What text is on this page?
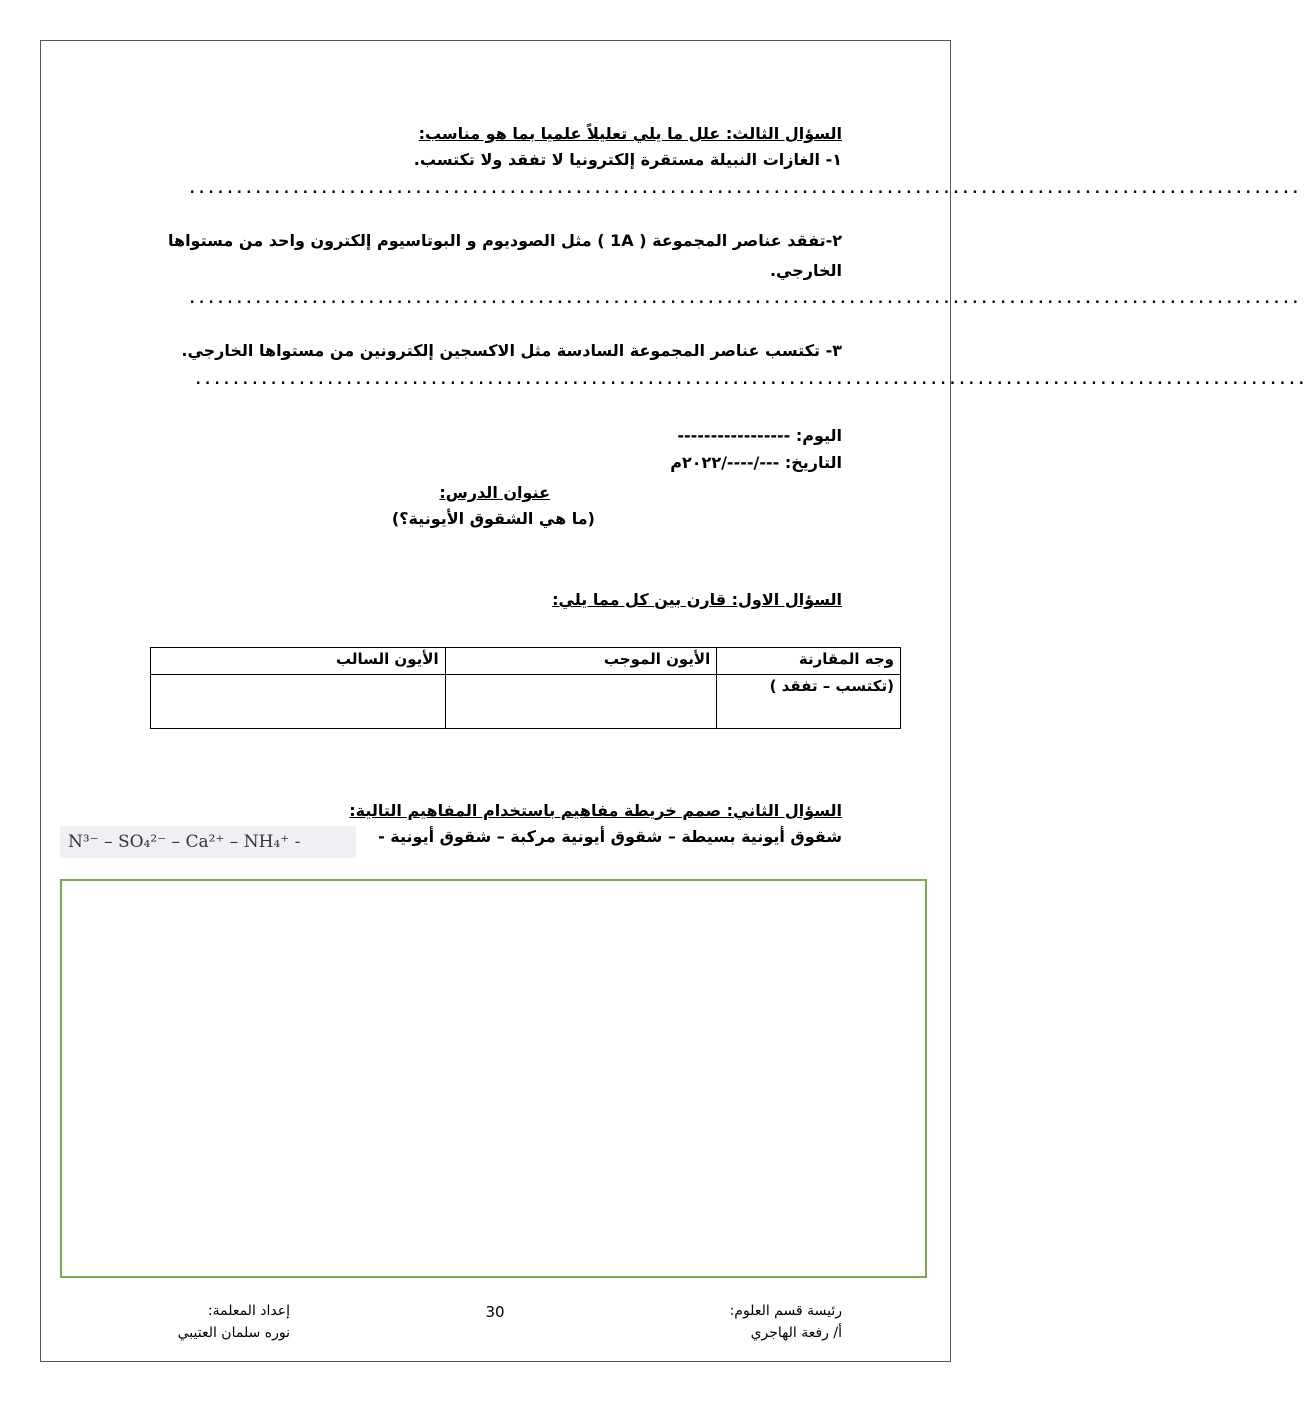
السؤال الثالث: علل ما يلي تعليلاً علميا بما هو مناسب:
١- الغازات النبيلة مستقرة إلكترونيا لا تفقد ولا تكتسب.
......................................................................................................................
٢-تفقد عناصر المجموعة ( 1A ) مثل الصوديوم و البوتاسيوم إلكترون واحد من مستواها
الخارجي.
......................................................................................................................
٣- تكتسب عناصر المجموعة السادسة مثل الاكسجين إلكترونين من مستواها الخارجي.
......................................................................................................................
اليوم: -----------------
التاريخ: ---/----/٢٠٢٢م
عنوان الدرس:
(ما هي الشقوق الأيونية؟)
السؤال الاول: قارن بين كل مما يلي:
وجه المقارنة	الأيون الموجب	الأيون السالب
(تكتسب – تفقد )		
السؤال الثاني: صمم خريطة مفاهيم باستخدام المفاهيم التالية:
شقوق أيونية بسيطة – شقوق أيونية مركبة – شقوق أيونية -
N³⁻ – SO₄²⁻ – Ca²⁺ – NH₄⁺ -
رئيسة قسم العلوم:
أ/ رفعة الهاجري
30
إعداد المعلمة:
نوره سلمان العتيبي
